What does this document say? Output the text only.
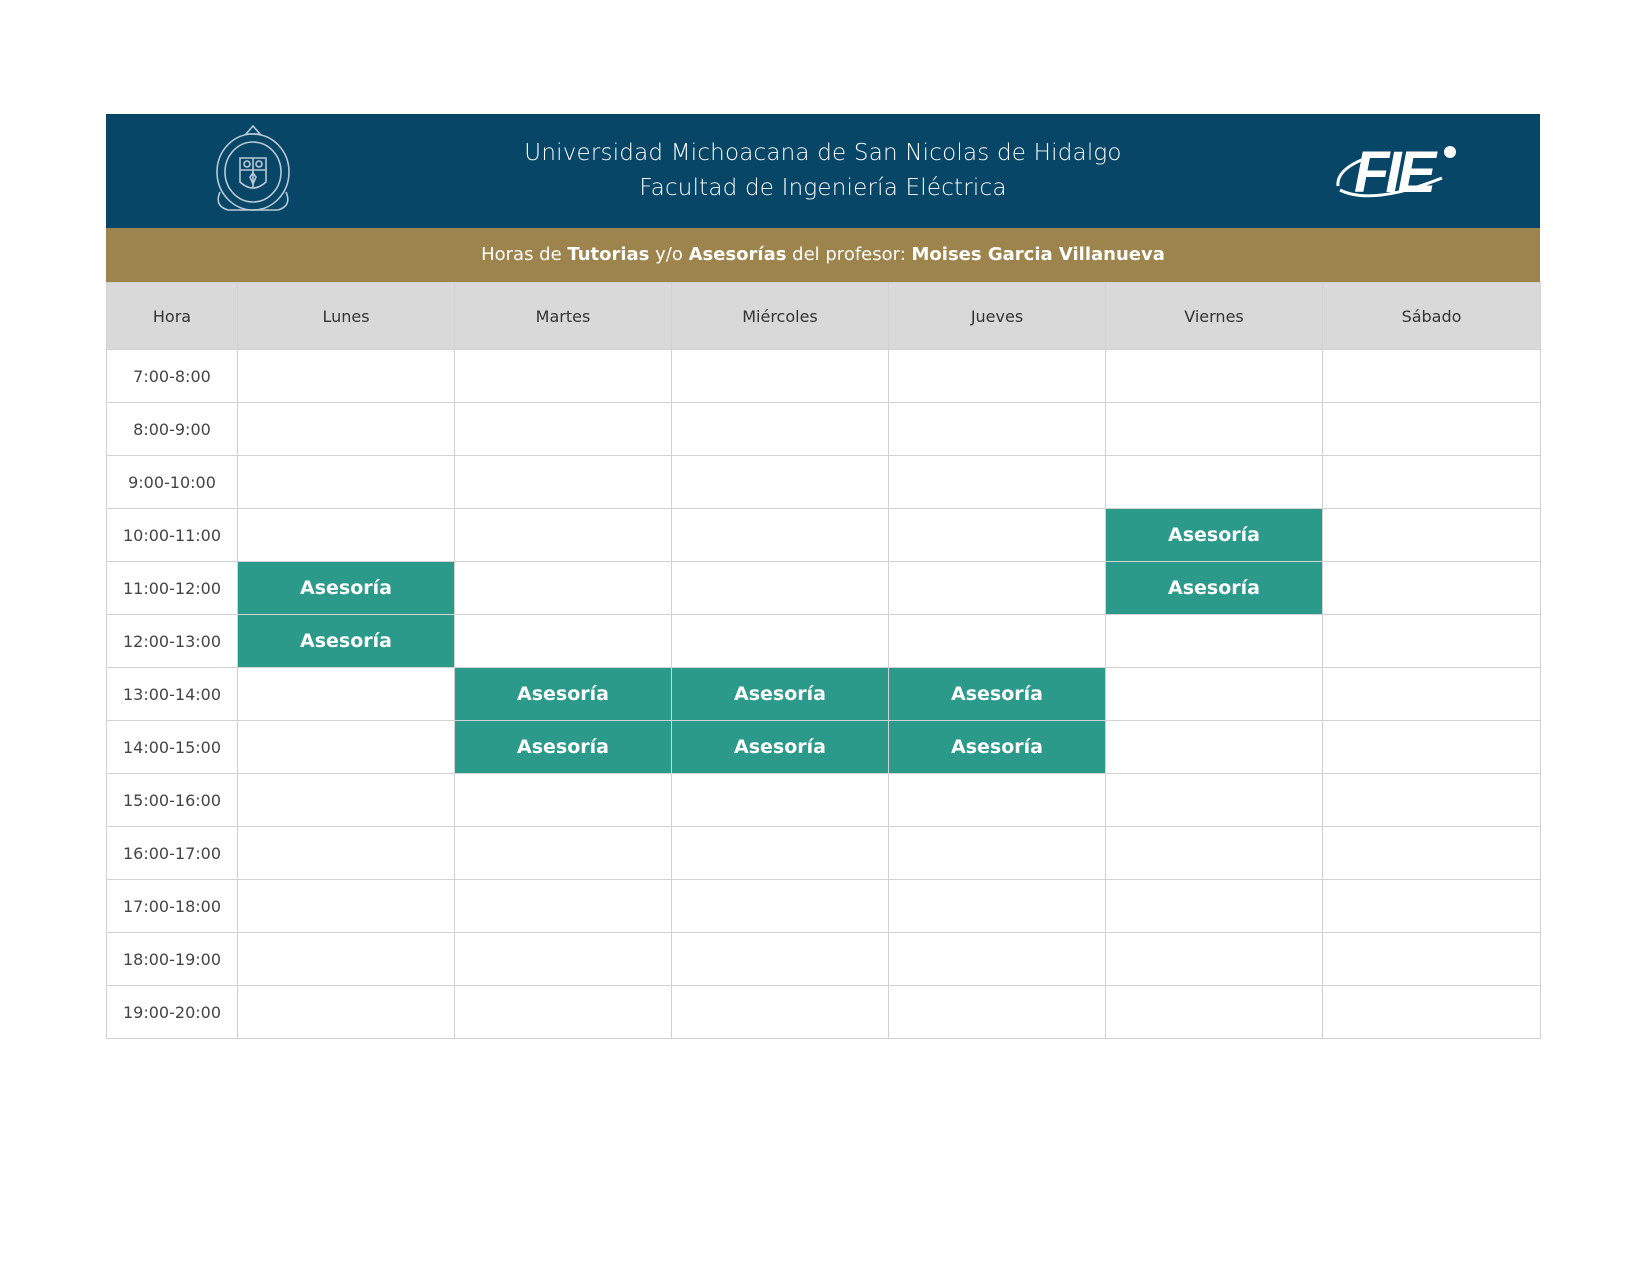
Universidad Michoacana de San Nicolas de Hidalgo
Facultad de Ingeniería Eléctrica	FIE
Horas de Tutorias y/o Asesorías del profesor: Moises Garcia Villanueva
Hora	Lunes	Martes	Miércoles	Jueves	Viernes	Sábado
7:00-8:00						
8:00-9:00						
9:00-10:00						
10:00-11:00					Asesoría	
11:00-12:00	Asesoría				Asesoría	
12:00-13:00	Asesoría					
13:00-14:00		Asesoría	Asesoría	Asesoría		
14:00-15:00		Asesoría	Asesoría	Asesoría		
15:00-16:00						
16:00-17:00						
17:00-18:00						
18:00-19:00						
19:00-20:00						
